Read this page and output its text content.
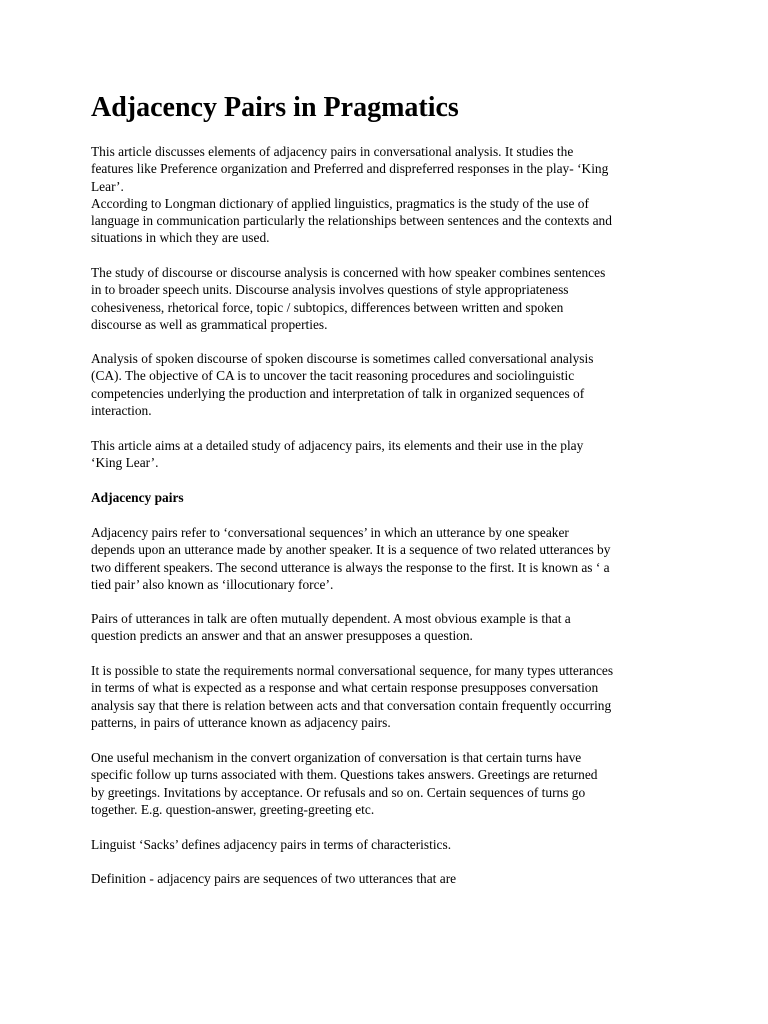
Adjacency Pairs in Pragmatics

This article discusses elements of adjacency pairs in conversational analysis. It studies the
features like Preference organization and Preferred and dispreferred responses in the play- ‘King
Lear’.
According to Longman dictionary of applied linguistics, pragmatics is the study of the use of
language in communication particularly the relationships between sentences and the contexts and
situations in which they are used.

The study of discourse or discourse analysis is concerned with how speaker combines sentences
in to broader speech units. Discourse analysis involves questions of style appropriateness
cohesiveness, rhetorical force, topic / subtopics, differences between written and spoken
discourse as well as grammatical properties.

Analysis of spoken discourse of spoken discourse is sometimes called conversational analysis
(CA). The objective of CA is to uncover the tacit reasoning procedures and sociolinguistic
competencies underlying the production and interpretation of talk in organized sequences of
interaction.

This article aims at a detailed study of adjacency pairs, its elements and their use in the play
‘King Lear’.

Adjacency pairs

Adjacency pairs refer to ‘conversational sequences’ in which an utterance by one speaker
depends upon an utterance made by another speaker. It is a sequence of two related utterances by
two different speakers. The second utterance is always the response to the first. It is known as ‘ a
tied pair’ also known as ‘illocutionary force’.

Pairs of utterances in talk are often mutually dependent. A most obvious example is that a
question predicts an answer and that an answer presupposes a question.

It is possible to state the requirements normal conversational sequence, for many types utterances
in terms of what is expected as a response and what certain response presupposes conversation
analysis say that there is relation between acts and that conversation contain frequently occurring
patterns, in pairs of utterance known as adjacency pairs.

One useful mechanism in the convert organization of conversation is that certain turns have
specific follow up turns associated with them. Questions takes answers. Greetings are returned
by greetings. Invitations by acceptance. Or refusals and so on. Certain sequences of turns go
together. E.g. question-answer, greeting-greeting etc.

Linguist ‘Sacks’ defines adjacency pairs in terms of characteristics.

Definition - adjacency pairs are sequences of two utterances that are
